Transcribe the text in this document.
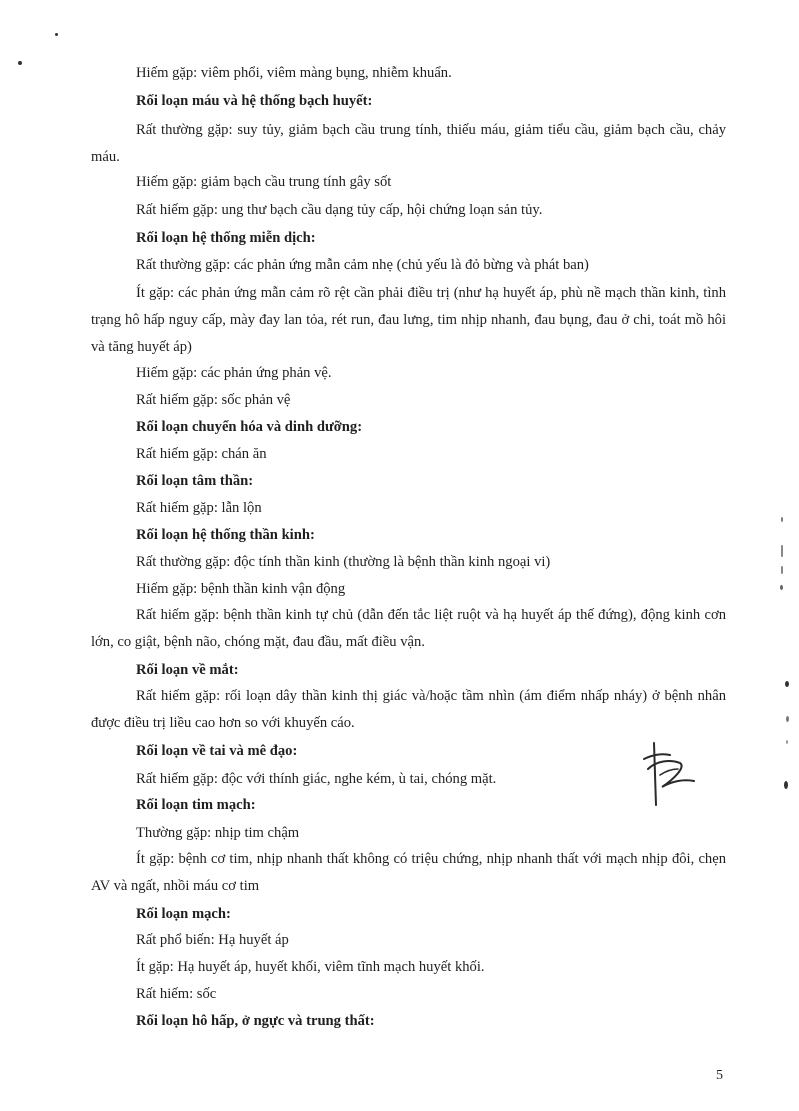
Hiếm gặp: viêm phổi, viêm màng bụng, nhiễm khuẩn.
Rối loạn máu và hệ thống bạch huyết:
Rất thường gặp: suy tủy, giảm bạch cầu trung tính, thiếu máu, giảm tiểu cầu, giảm bạch cầu, chảy máu.
Hiếm gặp: giảm bạch cầu trung tính gây sốt
Rất hiếm gặp: ung thư bạch cầu dạng tủy cấp, hội chứng loạn sản tủy.
Rối loạn hệ thống miễn dịch:
Rất thường gặp: các phản ứng mẫn cảm nhẹ (chủ yếu là đỏ bừng và phát ban)
Ít gặp: các phản ứng mẫn cảm rõ rệt cần phải điều trị (như hạ huyết áp, phù nề mạch thần kinh, tình trạng hô hấp nguy cấp, mày đay lan tỏa, rét run, đau lưng, tim nhịp nhanh, đau bụng, đau ở chi, toát mồ hôi và tăng huyết áp)
Hiếm gặp: các phản ứng phản vệ.
Rất hiếm gặp: sốc phản vệ
Rối loạn chuyển hóa và dinh dưỡng:
Rất hiếm gặp: chán ăn
Rối loạn tâm thần:
Rất hiếm gặp: lẫn lộn
Rối loạn hệ thống thần kinh:
Rất thường gặp: độc tính thần kinh (thường là bệnh thần kinh ngoại vi)
Hiếm gặp: bệnh thần kinh vận động
Rất hiếm gặp: bệnh thần kinh tự chủ (dẫn đến tắc liệt ruột và hạ huyết áp thế đứng), động kinh cơn lớn, co giật, bệnh não, chóng mặt, đau đầu, mất điều vận.
Rối loạn về mắt:
Rất hiếm gặp: rối loạn dây thần kinh thị giác và/hoặc tầm nhìn (ám điểm nhấp nháy) ở bệnh nhân được điều trị liều cao hơn so với khuyến cáo.
Rối loạn về tai và mê đạo:
Rất hiếm gặp: độc với thính giác, nghe kém, ù tai, chóng mặt.
Rối loạn tim mạch:
Thường gặp: nhịp tim chậm
Ít gặp: bệnh cơ tim, nhịp nhanh thất không có triệu chứng, nhịp nhanh thất với mạch nhịp đôi, chẹn AV và ngất, nhồi máu cơ tim
Rối loạn mạch:
Rất phổ biến: Hạ huyết áp
Ít gặp: Hạ huyết áp, huyết khối, viêm tĩnh mạch huyết khối.
Rất hiếm: sốc
Rối loạn hô hấp, ở ngực và trung thất:
5
